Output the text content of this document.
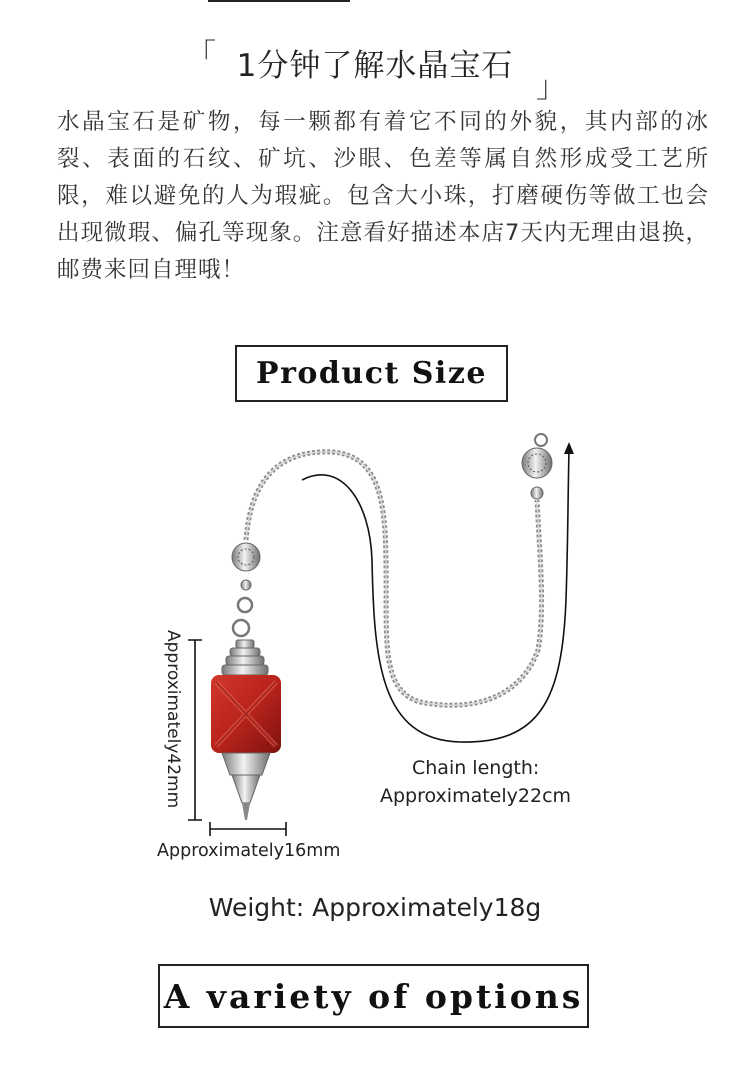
「 1分钟了解水晶宝石
」
水晶宝石是矿物，每一颗都有着它不同的外貌，其内部的冰裂、表面的石纹、矿坑、沙眼、色差等属自然形成受工艺所限，难以避免的人为瑕疵。包含大小珠，打磨硬伤等做工也会出现微瑕、偏孔等现象。注意看好描述本店7天内无理由退换，邮费来回自理哦！
Product Size
Approximately42mm	Chain length:
Approximately22cm
Approximately16mm
Weight: Approximately18g
A variety of options
